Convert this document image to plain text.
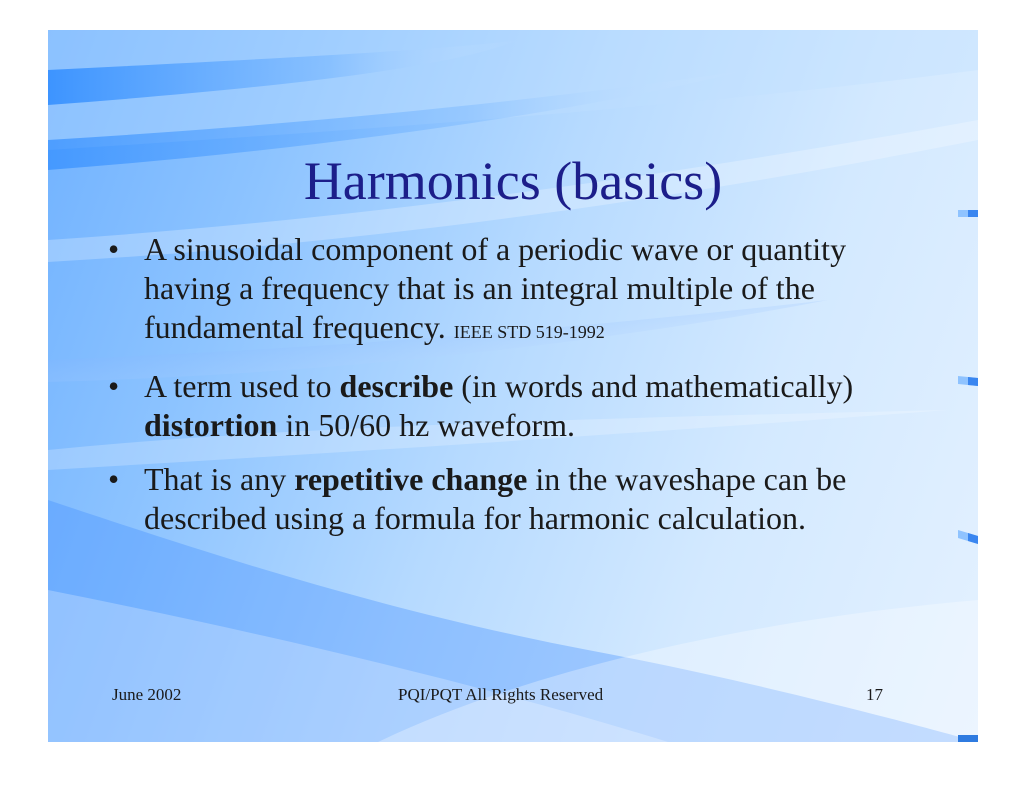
Harmonics (basics)
• A sinusoidal component of a periodic wave or quantity having a frequency that is an integral multiple of the fundamental frequency. IEEE STD 519-1992
• A term used to describe (in words and mathematically) distortion in 50/60 hz waveform.
• That is any repetitive change in the waveshape can be described using a formula for harmonic calculation.
June 2002	PQI/PQT All Rights Reserved	17
